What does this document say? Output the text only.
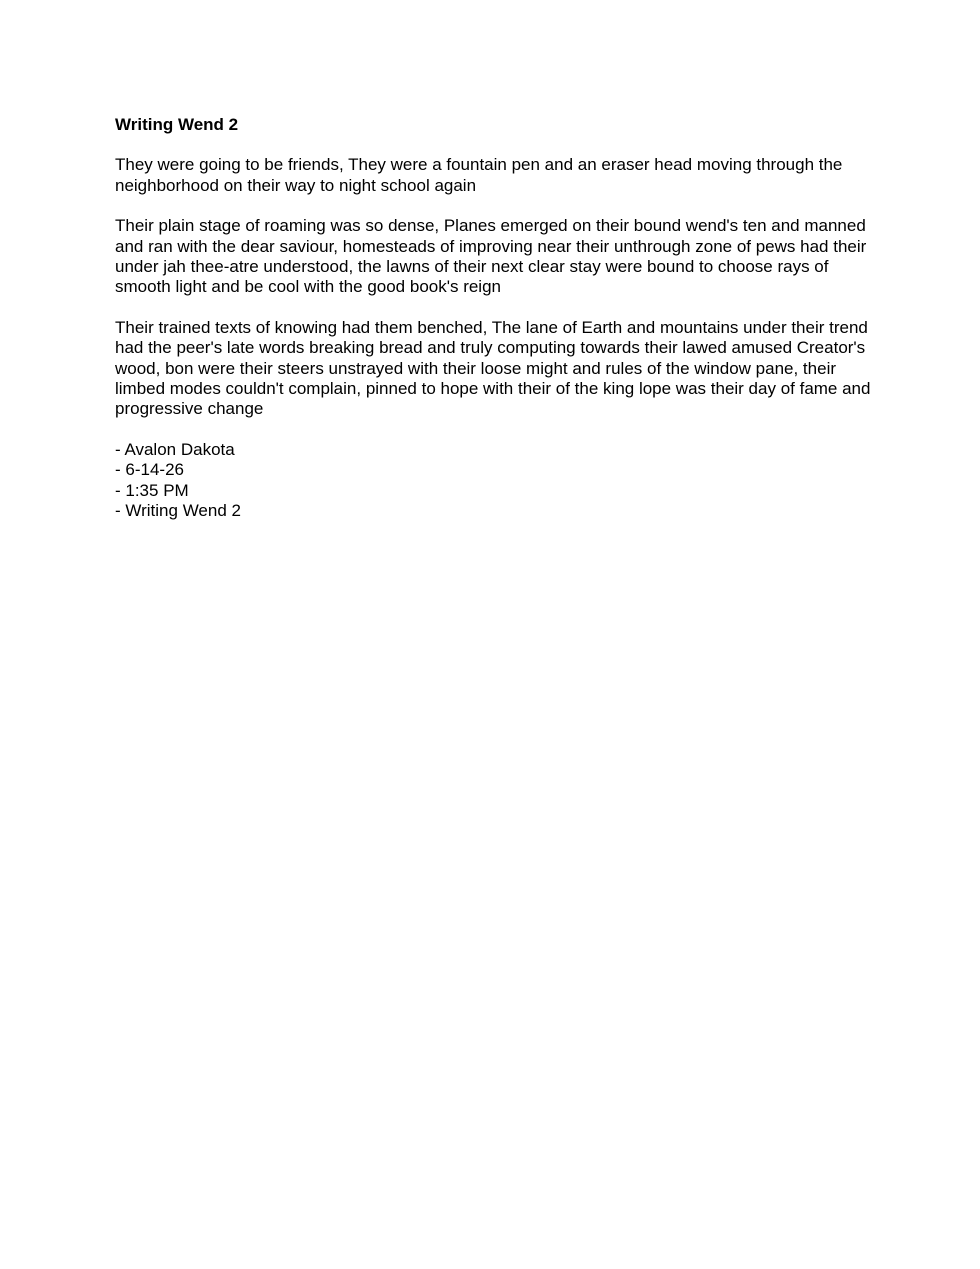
Writing Wend 2
They were going to be friends, They were a fountain pen and an eraser head moving through the neighborhood on their way to night school again
Their plain stage of roaming was so dense, Planes emerged on their bound wend's ten and manned and ran with the dear saviour, homesteads of improving near their unthrough zone of pews had their under jah thee-atre understood, the lawns of their next clear stay were bound to choose rays of smooth light and be cool with the good book's reign
Their trained texts of knowing had them benched, The lane of Earth and mountains under their trend had the peer's late words breaking bread and truly computing towards their lawed amused Creator's wood, bon were their steers unstrayed with their loose might and rules of the window pane, their limbed modes couldn't complain, pinned to hope with their of the king lope was their day of fame and progressive change
- Avalon Dakota
- 6-14-26
- 1:35 PM
- Writing Wend 2
